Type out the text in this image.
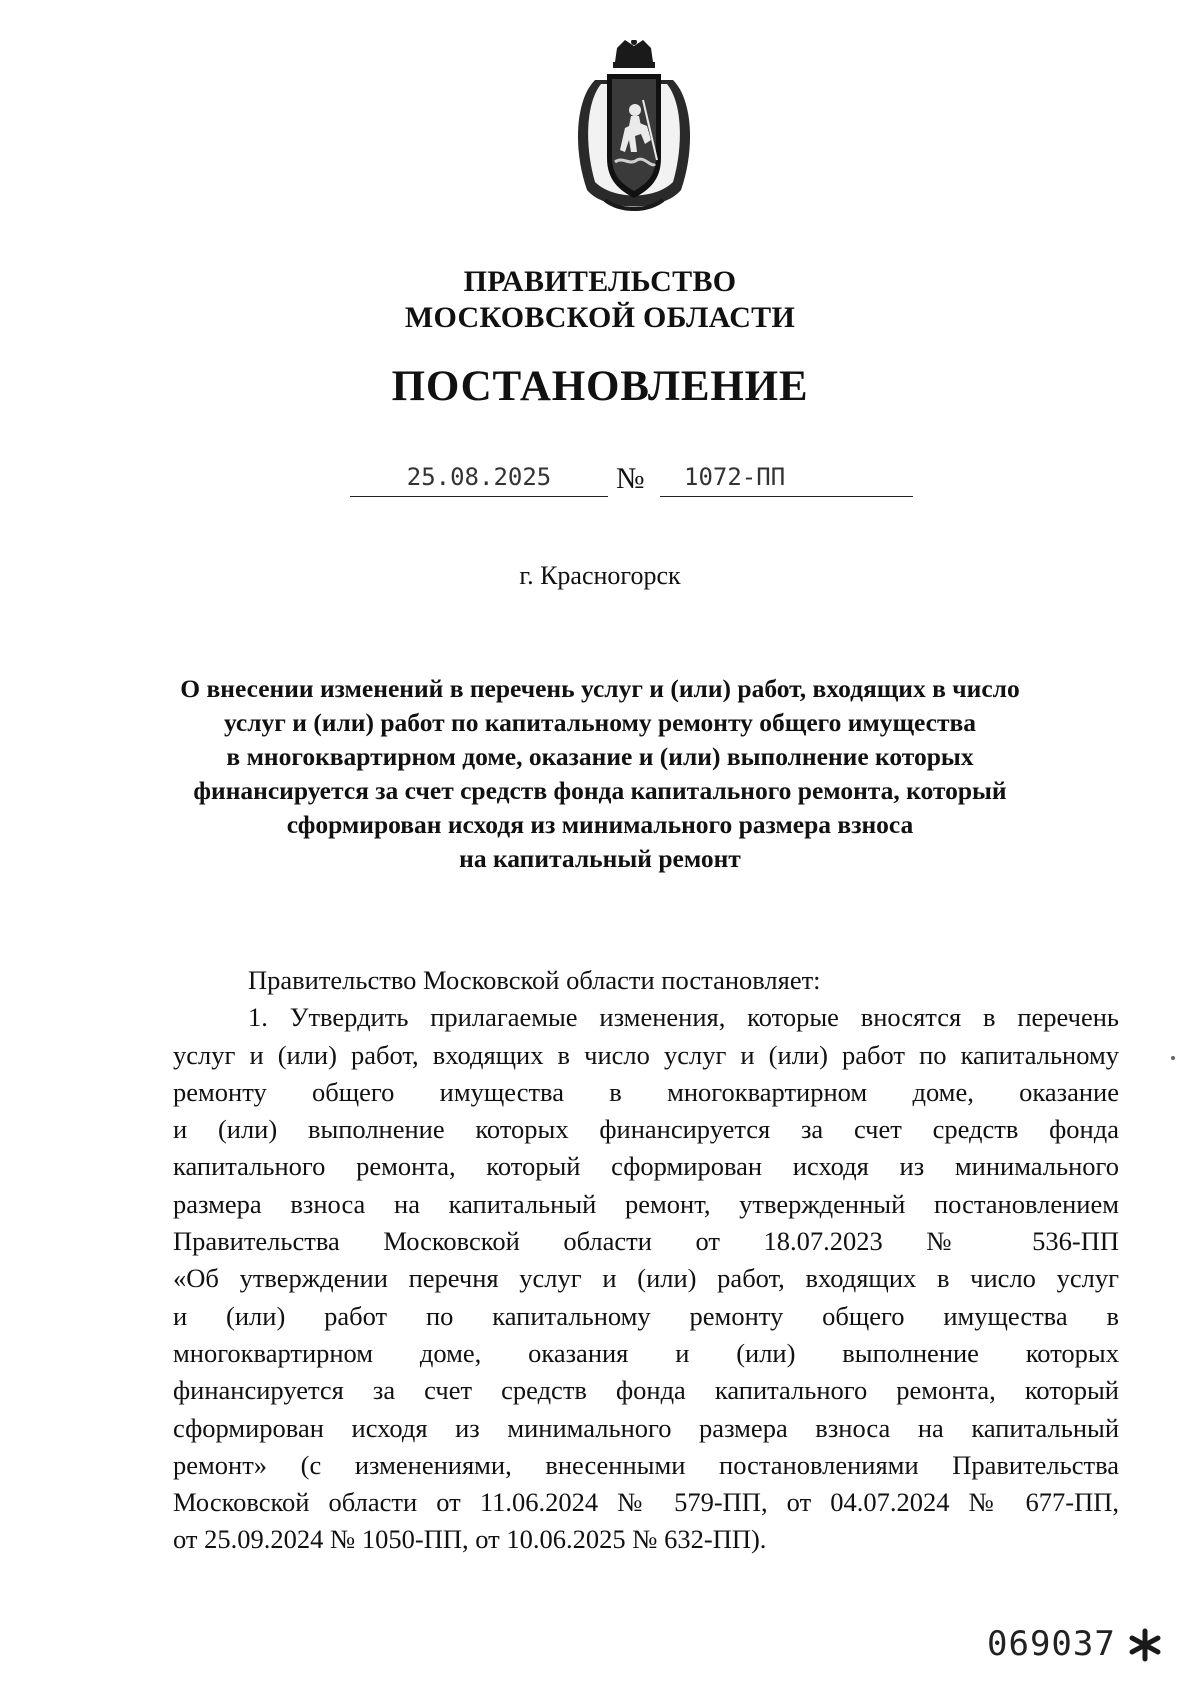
ПРАВИТЕЛЬСТВО
МОСКОВСКОЙ ОБЛАСТИ
ПОСТАНОВЛЕНИЕ
25.08.2025	№ 1072-ПП
г. Красногорск
О внесении изменений в перечень услуг и (или) работ, входящих в число
услуг и (или) работ по капитальному ремонту общего имущества
в многоквартирном доме, оказание и (или) выполнение которых
финансируется за счет средств фонда капитального ремонта, который
сформирован исходя из минимального размера взноса
на капитальный ремонт
Правительство Московской области постановляет:
1. Утвердить прилагаемые изменения, которые вносятся в перечень
услуг и (или) работ, входящих в число услуг и (или) работ по капитальному
ремонту общего имущества в многоквартирном доме, оказание
и (или) выполнение которых финансируется за счет средств фонда
капитального ремонта, который сформирован исходя из минимального
размера взноса на капитальный ремонт, утвержденный постановлением
Правительства Московской области от 18.07.2023 № 536-ПП
«Об утверждении перечня услуг и (или) работ, входящих в число услуг
и (или) работ по капитальному ремонту общего имущества в
многоквартирном доме, оказания и (или) выполнение которых
финансируется за счет средств фонда капитального ремонта, который
сформирован исходя из минимального размера взноса на капитальный
ремонт» (с изменениями, внесенными постановлениями Правительства
Московской области от 11.06.2024 № 579-ПП, от 04.07.2024 № 677-ПП,
от 25.09.2024 № 1050-ПП, от 10.06.2025 № 632-ПП).
069037
